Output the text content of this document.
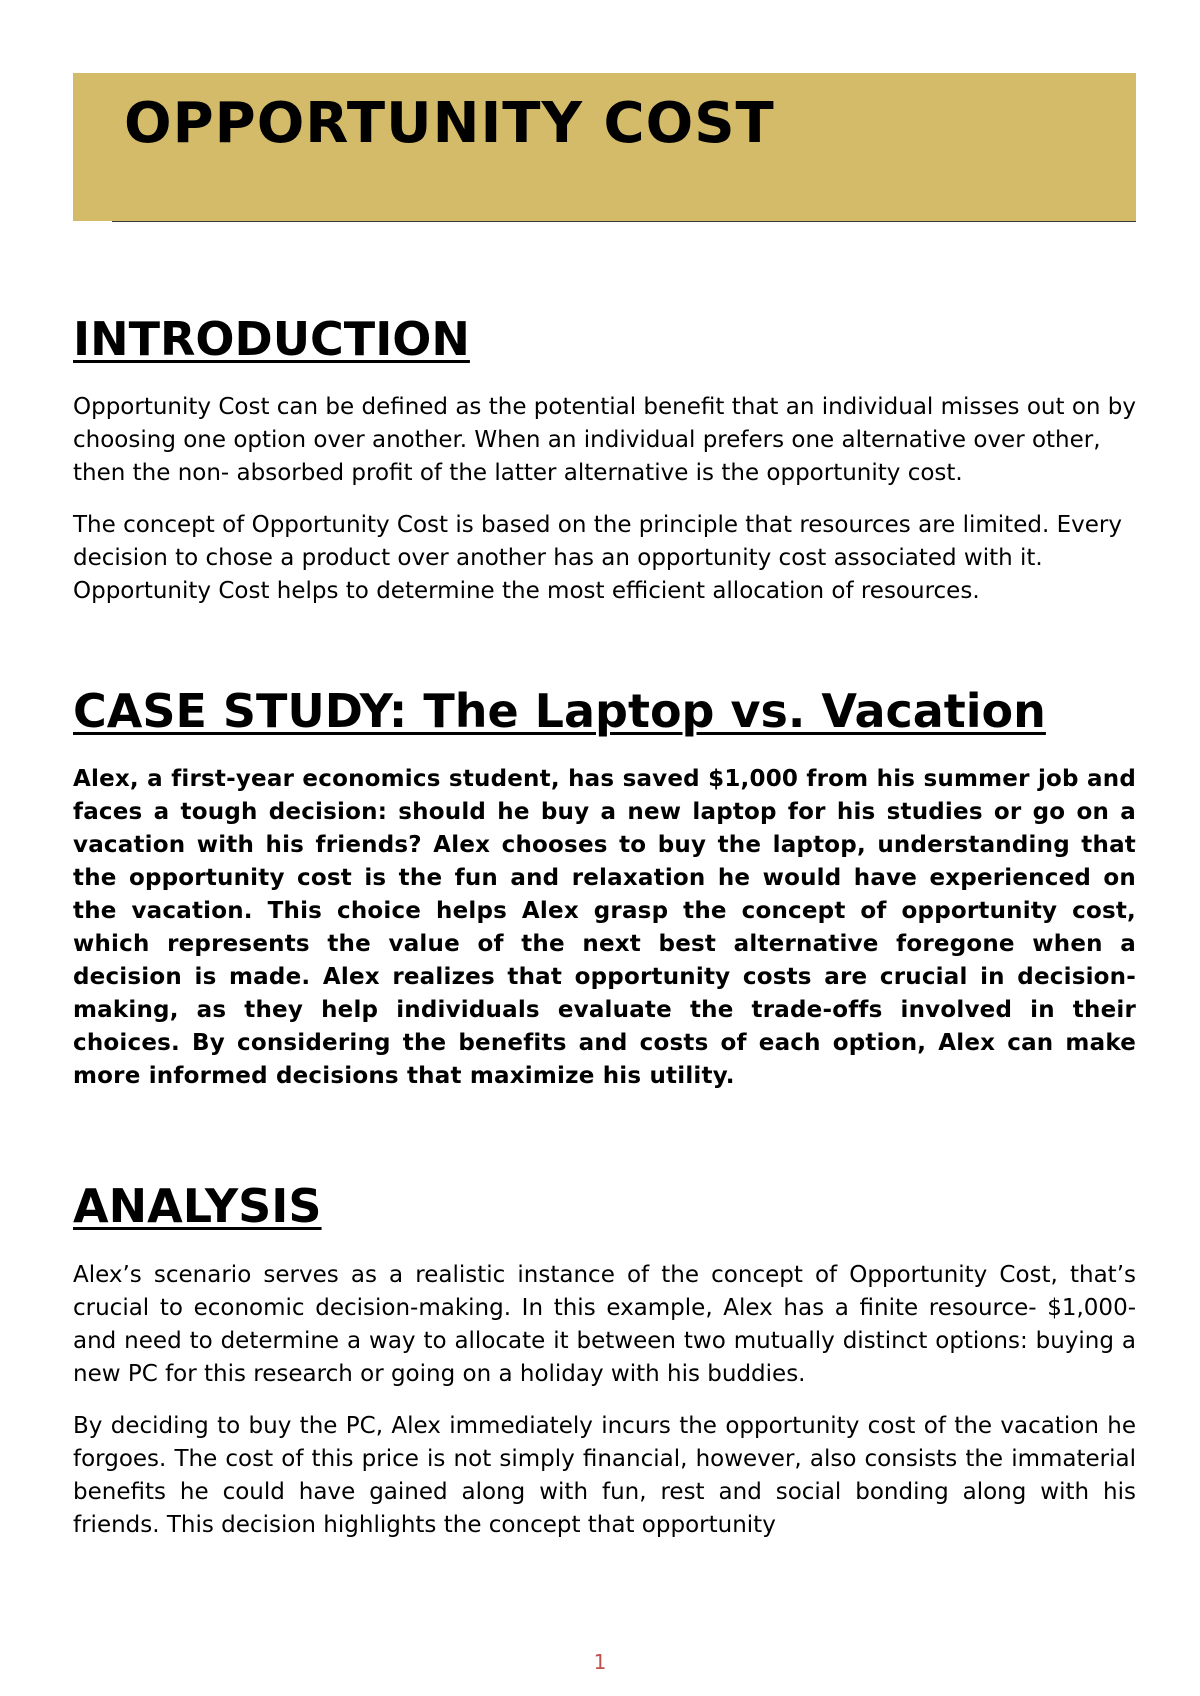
OPPORTUNITY COST
INTRODUCTION

Opportunity Cost can be defined as the potential benefit that an individual misses out on by choosing one option over another. When an individual prefers one alternative over other, then the non- absorbed profit of the latter alternative is the opportunity cost.

The concept of Opportunity Cost is based on the principle that resources are limited. Every decision to chose a product over another has an opportunity cost associated with it. Opportunity Cost helps to determine the most efficient allocation of resources.

CASE STUDY: The Laptop vs. Vacation

Alex, a first-year economics student, has saved $1,000 from his summer job and faces a tough decision: should he buy a new laptop for his studies or go on a vacation with his friends? Alex chooses to buy the laptop, understanding that the opportunity cost is the fun and relaxation he would have experienced on the vacation. This choice helps Alex grasp the concept of opportunity cost, which represents the value of the next best alternative foregone when a decision is made. Alex realizes that opportunity costs are crucial in decision-making, as they help individuals evaluate the trade-offs involved in their choices. By considering the benefits and costs of each option, Alex can make more informed decisions that maximize his utility.

ANALYSIS

Alex’s scenario serves as a realistic instance of the concept of Opportunity Cost, that’s crucial to economic decision-making. In this example, Alex has a finite resource- $1,000- and need to determine a way to allocate it between two mutually distinct options: buying a new PC for this research or going on a holiday with his buddies.

By deciding to buy the PC, Alex immediately incurs the opportunity cost of the vacation he forgoes. The cost of this price is not simply financial, however, also consists the immaterial benefits he could have gained along with fun, rest and social bonding along with his friends. This decision highlights the concept that opportunity

1
